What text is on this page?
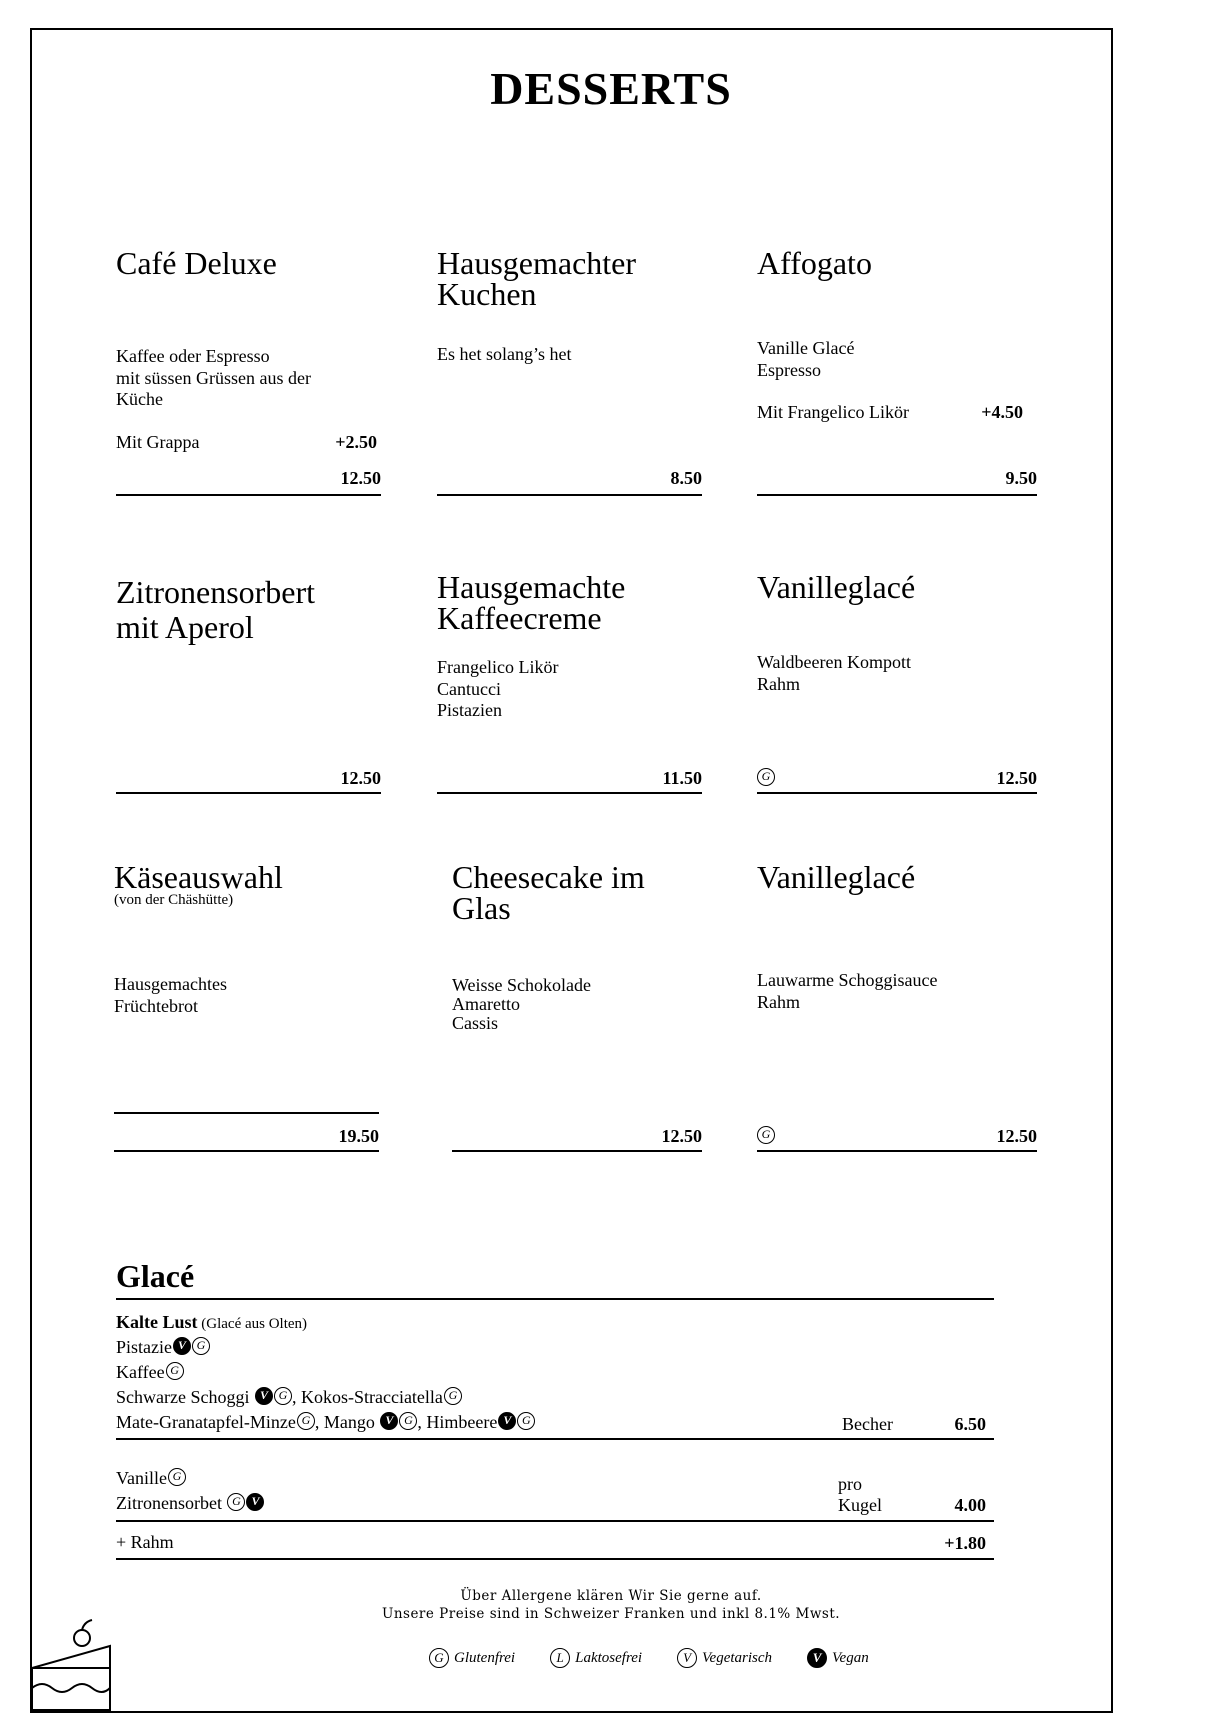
DESSERTS
Café Deluxe
Kaffee oder Espresso
mit süssen Grüssen aus der
Küche
Mit Grappa	+2.50
12.50
Hausgemachter
Kuchen
Es het solang’s het
8.50
Affogato
Vanille Glacé
Espresso
Mit Frangelico Likör	+4.50
9.50
Zitronensorbert
mit Aperol
12.50
Hausgemachte
Kaffeecreme
Frangelico Likör
Cantucci
Pistazien
11.50
Vanilleglacé
Waldbeeren Kompott
Rahm
G	12.50
Käseauswahl
(von der Chäshütte)
Hausgemachtes
Früchtebrot
19.50
Cheesecake im
Glas
Weisse Schokolade
Amaretto
Cassis
12.50
Vanilleglacé
Lauwarme Schoggisauce
Rahm
G	12.50
Glacé
Kalte Lust (Glacé aus Olten)
Pistazie V G
Kaffee G
Schwarze Schoggi V G , Kokos-Stracciatella G
Mate-Granatapfel-Minze G , Mango V G , Himbeere V G	Becher	6.50
Vanille G
Zitronensorbet G V
pro
Kugel	4.00
+ Rahm	+1.80
Über Allergene klären Wir Sie gerne auf.
Unsere Preise sind in Schweizer Franken und inkl 8.1% Mwst.
G Glutenfrei	L Laktosefrei	V Vegetarisch	V Vegan
